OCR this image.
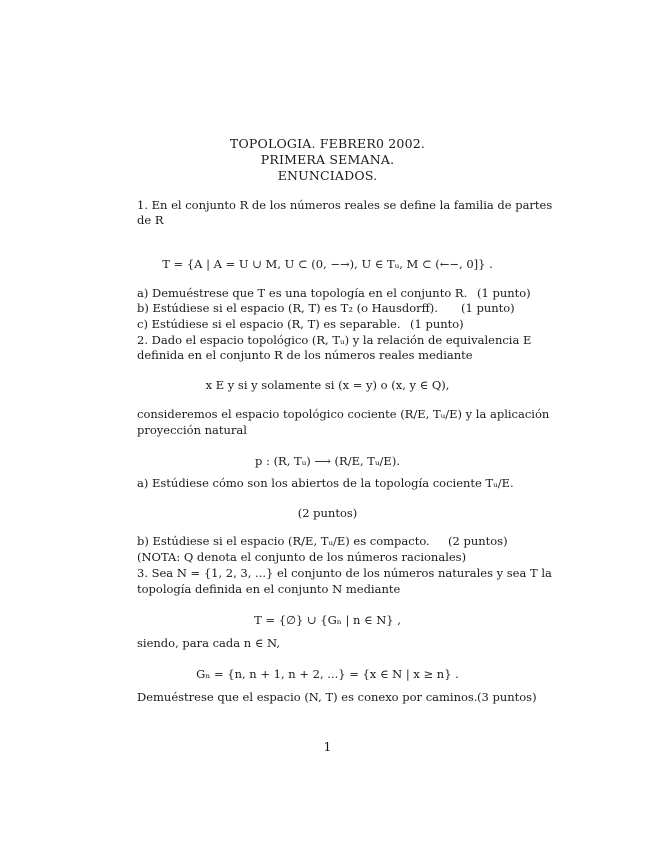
TOPOLOGIA. FEBRER0 2002.
PRIMERA SEMANA.
ENUNCIADOS.
1. En el conjunto R de los números reales se define la familia de partes
de R
T = {A | A = U ∪ M, U ⊂ (0, −→), U ∈ Tᵤ, M ⊂ (←−, 0]} .
a) Demuéstrese que T es una topología en el conjunto R. (1 punto)
b) Estúdiese si el espacio (R, T) es T₂ (o Hausdorff). (1 punto)
c) Estúdiese si el espacio (R, T) es separable. (1 punto)
2. Dado el espacio topológico (R, Tᵤ) y la relación de equivalencia E
definida en el conjunto R de los números reales mediante
x E y si y solamente si (x = y) o (x, y ∈ Q),
consideremos el espacio topológico cociente (R/E, Tᵤ/E) y la aplicación
proyección natural
p : (R, Tᵤ) ⟶ (R/E, Tᵤ/E).
a) Estúdiese cómo son los abiertos de la topología cociente Tᵤ/E.
(2 puntos)
b) Estúdiese si el espacio (R/E, Tᵤ/E) es compacto. (2 puntos)
(NOTA: Q denota el conjunto de los números racionales)
3. Sea N = {1, 2, 3, ...} el conjunto de los números naturales y sea T la
topología definida en el conjunto N mediante
T = {∅} ∪ {Gₙ | n ∈ N} ,
siendo, para cada n ∈ N,
Gₙ = {n, n + 1, n + 2, ...} = {x ∈ N | x ≥ n} .
Demuéstrese que el espacio (N, T) es conexo por caminos. (3 puntos)
1
